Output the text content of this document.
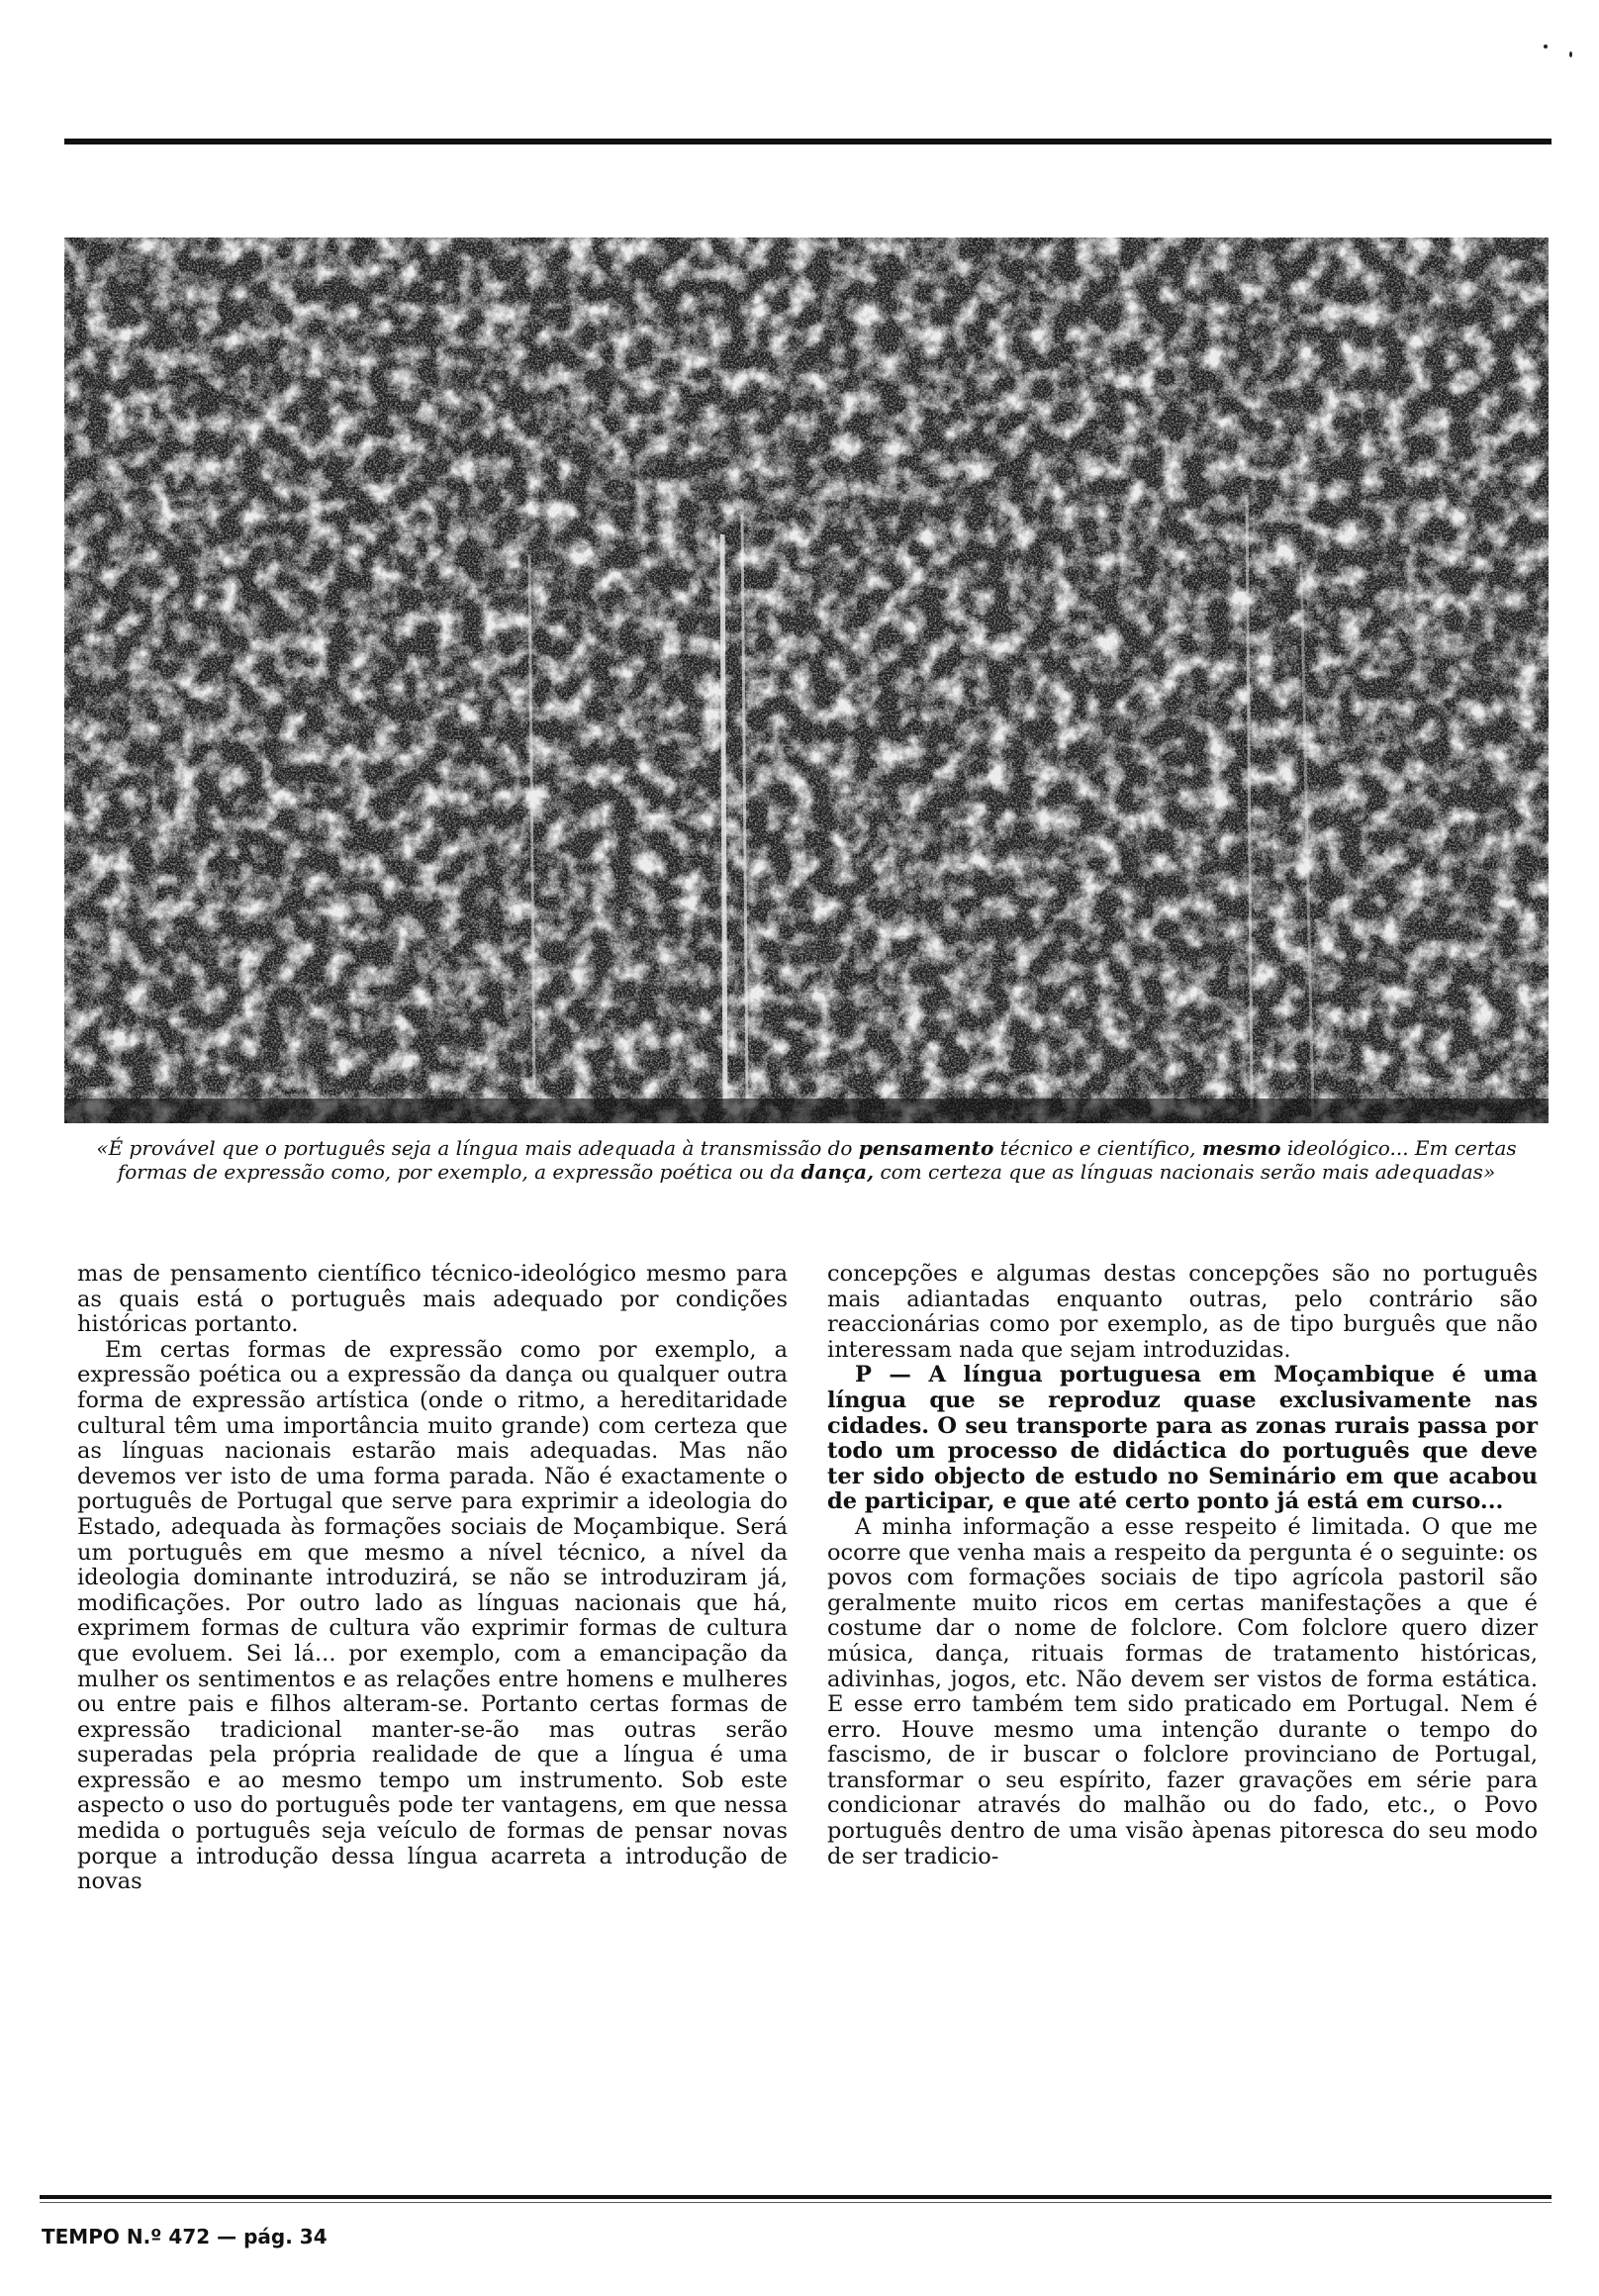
«É provável que o português seja a língua mais adequada à transmissão do pensamento técnico e científico, mesmo ideológico... Em certas formas de expressão como, por exemplo, a expressão poética ou da dança, com certeza que as línguas nacionais serão mais adequadas»

mas de pensamento científico técnico-ideológico mesmo para as quais está o português mais adequado por condições históricas portanto.

Em certas formas de expressão como por exemplo, a expressão poética ou a expressão da dança ou qualquer outra forma de expressão artística (onde o ritmo, a hereditaridade cultural têm uma importância muito grande) com certeza que as línguas nacionais estarão mais adequadas. Mas não devemos ver isto de uma forma parada. Não é exactamente o português de Portugal que serve para exprimir a ideologia do Estado, adequada às formações sociais de Moçambique. Será um português em que mesmo a nível técnico, a nível da ideologia dominante introduzirá, se não se introduziram já, modificações. Por outro lado as línguas nacionais que há, exprimem formas de cultura vão exprimir formas de cultura que evoluem. Sei lá... por exemplo, com a emancipação da mulher os sentimentos e as relações entre homens e mulheres ou entre pais e filhos alteram-se. Portanto certas formas de expressão tradicional manter-se-ão mas outras serão superadas pela própria realidade de que a língua é uma expressão e ao mesmo tempo um instrumento. Sob este aspecto o uso do português pode ter vantagens, em que nessa medida o português seja veículo de formas de pensar novas porque a introdução dessa língua acarreta a introdução de novas

concepções e algumas destas concepções são no português mais adiantadas enquanto outras, pelo contrário são reaccionárias como por exemplo, as de tipo burguês que não interessam nada que sejam introduzidas.

P — A língua portuguesa em Moçambique é uma língua que se reproduz quase exclusivamente nas cidades. O seu transporte para as zonas rurais passa por todo um processo de didáctica do português que deve ter sido objecto de estudo no Seminário em que acabou de participar, e que até certo ponto já está em curso...

A minha informação a esse respeito é limitada. O que me ocorre que venha mais a respeito da pergunta é o seguinte: os povos com formações sociais de tipo agrícola pastoril são geralmente muito ricos em certas manifestações a que é costume dar o nome de folclore. Com folclore quero dizer música, dança, rituais formas de tratamento históricas, adivinhas, jogos, etc. Não devem ser vistos de forma estática. E esse erro também tem sido praticado em Portugal. Nem é erro. Houve mesmo uma intenção durante o tempo do fascismo, de ir buscar o folclore provinciano de Portugal, transformar o seu espírito, fazer gravações em série para condicionar através do malhão ou do fado, etc., o Povo português dentro de uma visão àpenas pitoresca do seu modo de ser tradicio-

TEMPO N.º 472 — pág. 34
